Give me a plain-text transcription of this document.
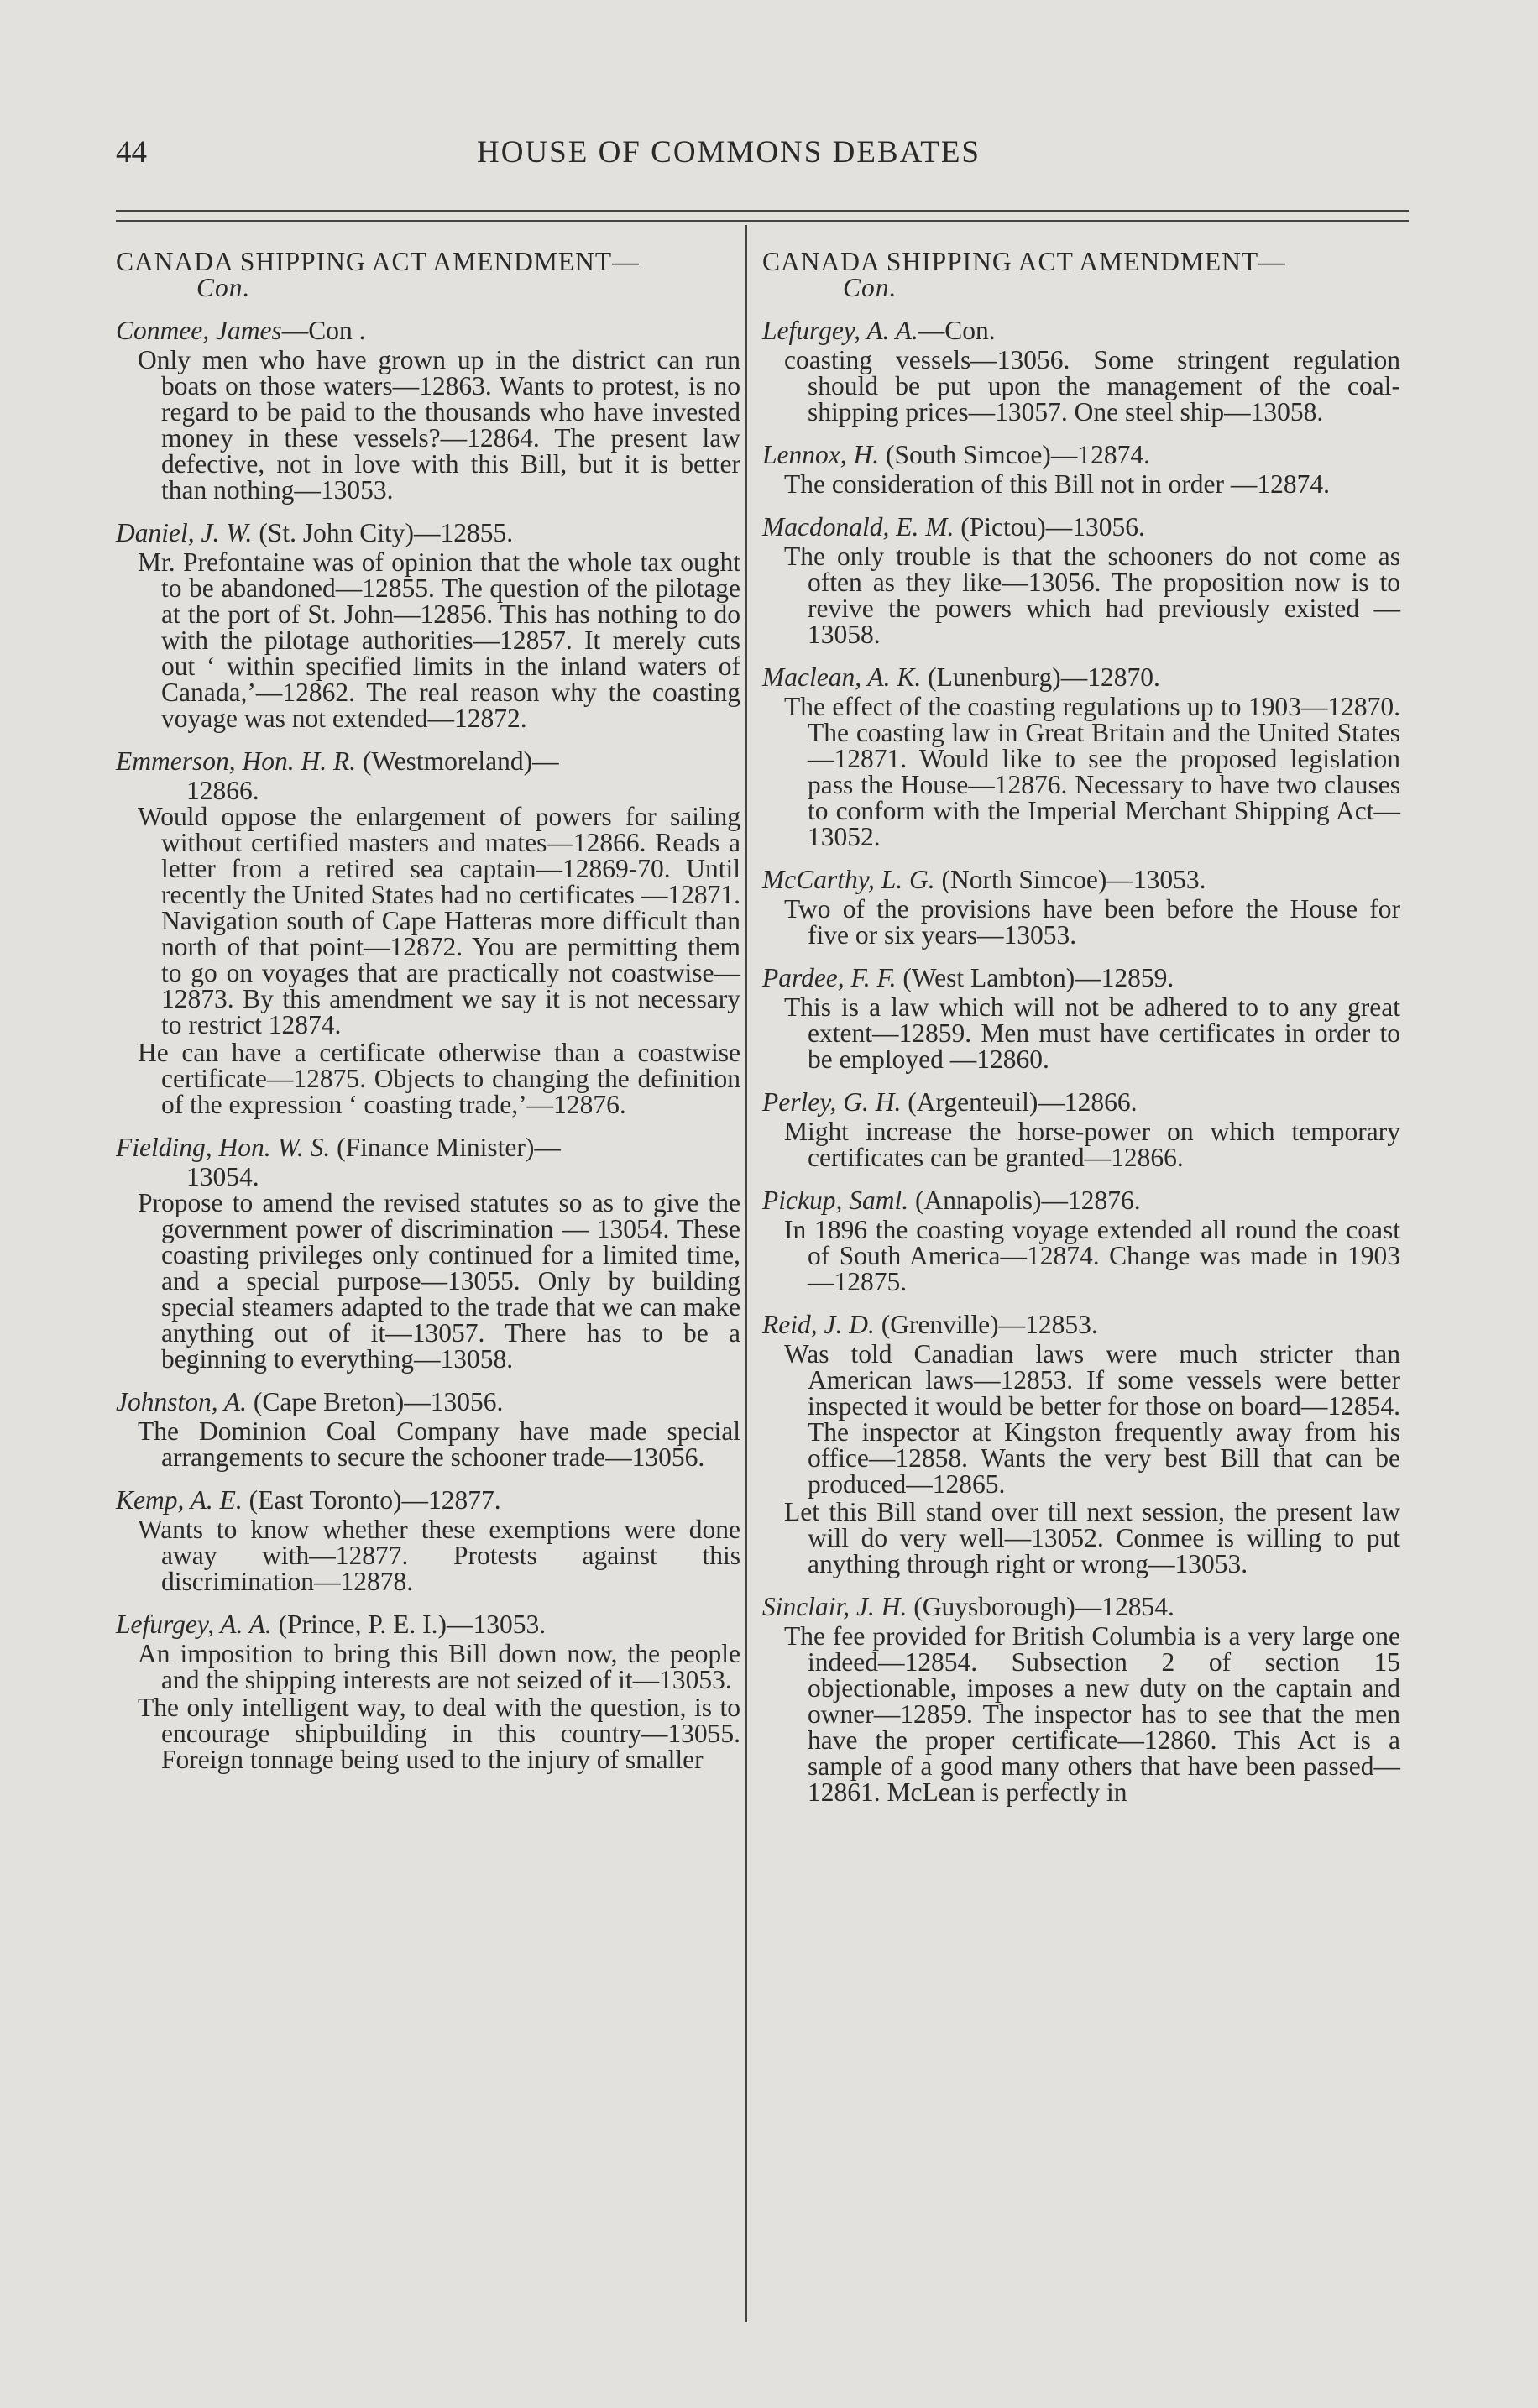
44	HOUSE OF COMMONS DEBATES

CANADA SHIPPING ACT AMENDMENT—
Con.

Conmee, James—Con .

Only men who have grown up in the district can run boats on those waters—12863. Wants to protest, is no regard to be paid to the thousands who have invested money in these vessels?—12864. The present law defective, not in love with this Bill, but it is better than nothing—13053.

Daniel, J. W. (St. John City)—12855.

Mr. Prefontaine was of opinion that the whole tax ought to be abandoned—12855. The question of the pilotage at the port of St. John—12856. This has nothing to do with the pilotage authorities—12857. It merely cuts out ‘ within specified limits in the inland waters of Canada,’—12862. The real reason why the coasting voyage was not extended—12872.

Emmerson, Hon. H. R. (Westmoreland)—

12866.

Would oppose the enlargement of powers for sailing without certified masters and mates—12866. Reads a letter from a retired sea captain—12869-70. Until recently the United States had no certificates —12871. Navigation south of Cape Hatteras more difficult than north of that point—12872. You are permitting them to go on voyages that are practically not coastwise—12873. By this amendment we say it is not necessary to restrict 12874.

He can have a certificate otherwise than a coastwise certificate—12875. Objects to changing the definition of the expression ‘ coasting trade,’—12876.

Fielding, Hon. W. S. (Finance Minister)—

13054.

Propose to amend the revised statutes so as to give the government power of discrimination — 13054. These coasting privileges only continued for a limited time, and a special purpose—13055. Only by building special steamers adapted to the trade that we can make anything out of it—13057. There has to be a beginning to everything—13058.

Johnston, A. (Cape Breton)—13056.

The Dominion Coal Company have made special arrangements to secure the schooner trade—13056.

Kemp, A. E. (East Toronto)—12877.

Wants to know whether these exemptions were done away with—12877. Protests against this discrimination—12878.

Lefurgey, A. A. (Prince, P. E. I.)—13053.

An imposition to bring this Bill down now, the people and the shipping interests are not seized of it—13053.

The only intelligent way, to deal with the question, is to encourage shipbuilding in this country—13055. Foreign tonnage being used to the injury of smaller

CANADA SHIPPING ACT AMENDMENT—
Con.

Lefurgey, A. A.—Con.

coasting vessels—13056. Some stringent regulation should be put upon the management of the coal-shipping prices—13057. One steel ship—13058.

Lennox, H. (South Simcoe)—12874.

The consideration of this Bill not in order —12874.

Macdonald, E. M. (Pictou)—13056.

The only trouble is that the schooners do not come as often as they like—13056. The proposition now is to revive the powers which had previously existed —13058.

Maclean, A. K. (Lunenburg)—12870.

The effect of the coasting regulations up to 1903—12870. The coasting law in Great Britain and the United States—12871. Would like to see the proposed legislation pass the House—12876. Necessary to have two clauses to conform with the Imperial Merchant Shipping Act—13052.

McCarthy, L. G. (North Simcoe)—13053.

Two of the provisions have been before the House for five or six years—13053.

Pardee, F. F. (West Lambton)—12859.

This is a law which will not be adhered to to any great extent—12859. Men must have certificates in order to be employed —12860.

Perley, G. H. (Argenteuil)—12866.

Might increase the horse-power on which temporary certificates can be granted—12866.

Pickup, Saml. (Annapolis)—12876.

In 1896 the coasting voyage extended all round the coast of South America—12874. Change was made in 1903—12875.

Reid, J. D. (Grenville)—12853.

Was told Canadian laws were much stricter than American laws—12853. If some vessels were better inspected it would be better for those on board—12854. The inspector at Kingston frequently away from his office—12858. Wants the very best Bill that can be produced—12865.

Let this Bill stand over till next session, the present law will do very well—13052. Conmee is willing to put anything through right or wrong—13053.

Sinclair, J. H. (Guysborough)—12854.

The fee provided for British Columbia is a very large one indeed—12854. Subsection 2 of section 15 objectionable, imposes a new duty on the captain and owner—12859. The inspector has to see that the men have the proper certificate—12860. This Act is a sample of a good many others that have been passed—12861. McLean is perfectly in
